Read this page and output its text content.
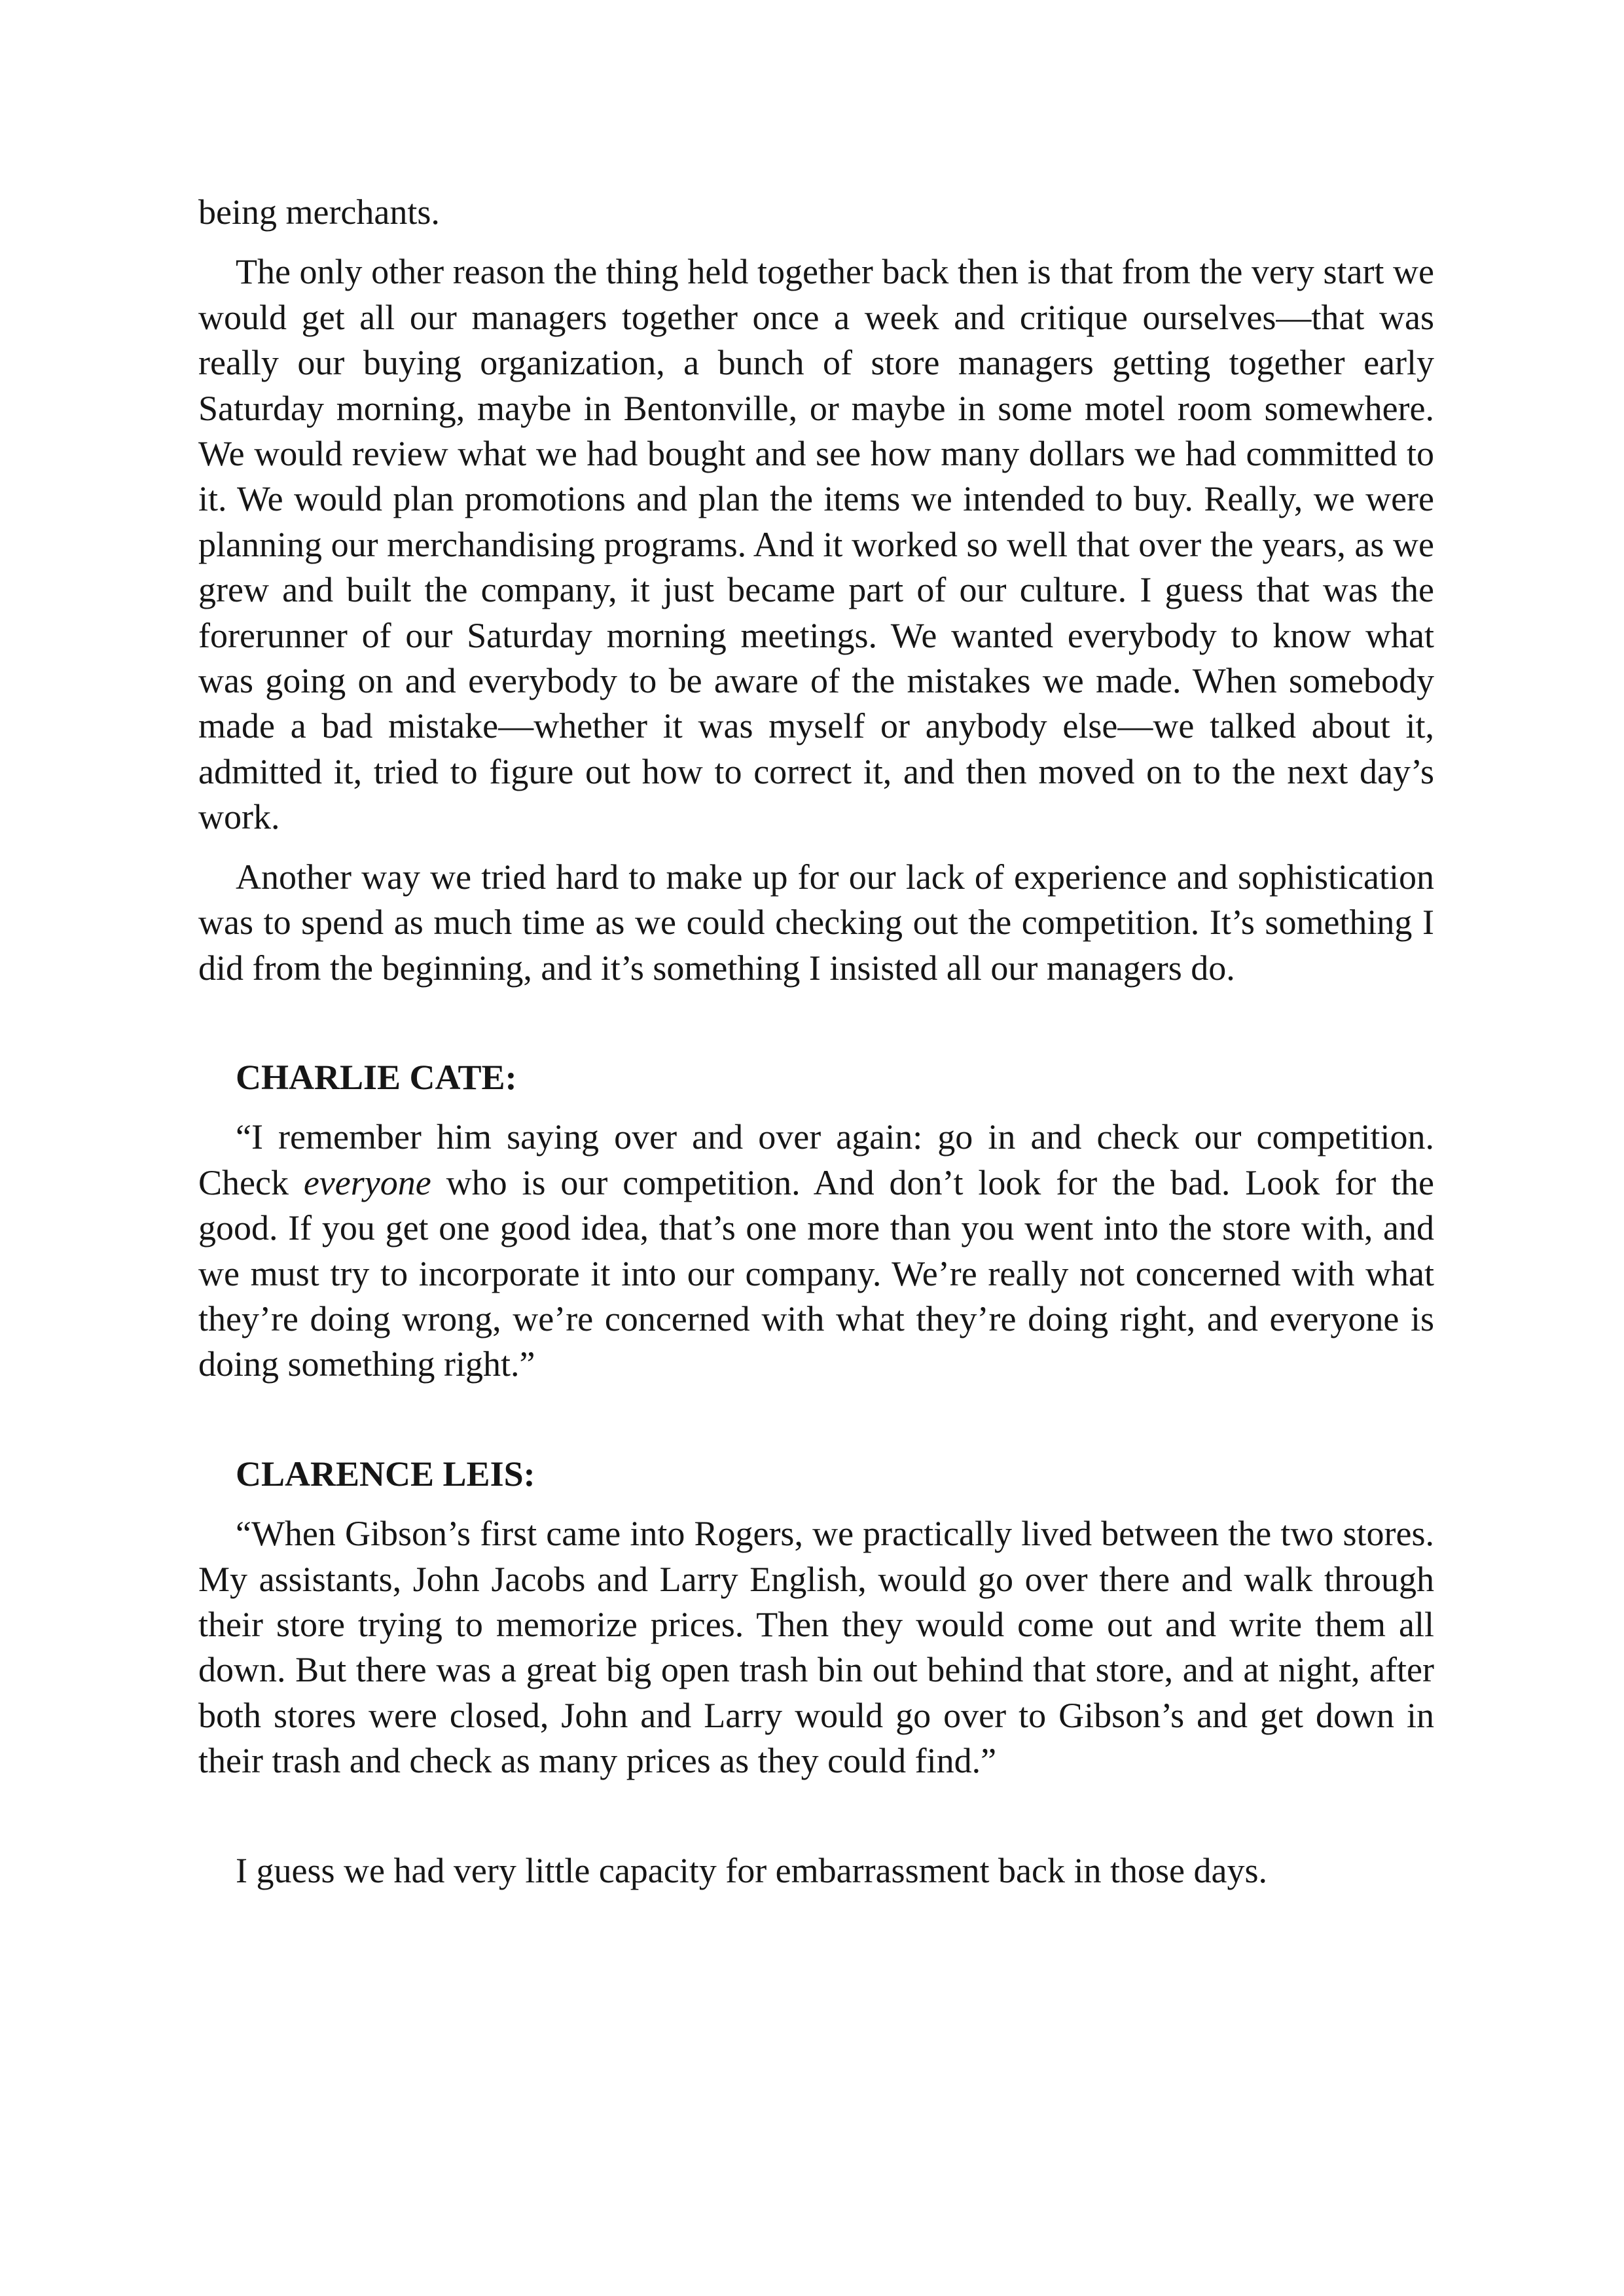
being merchants.

The only other reason the thing held together back then is that from the very start we would get all our managers together once a week and critique ourselves—that was really our buying organization, a bunch of store managers getting together early Saturday morning, maybe in Bentonville, or maybe in some motel room somewhere. We would review what we had bought and see how many dollars we had committed to it. We would plan promotions and plan the items we intended to buy. Really, we were planning our merchandising programs. And it worked so well that over the years, as we grew and built the company, it just became part of our culture. I guess that was the forerunner of our Saturday morning meetings. We wanted everybody to know what was going on and everybody to be aware of the mistakes we made. When somebody made a bad mistake—whether it was myself or anybody else—we talked about it, admitted it, tried to figure out how to correct it, and then moved on to the next day’s work.

Another way we tried hard to make up for our lack of experience and sophistication was to spend as much time as we could checking out the competition. It’s something I did from the beginning, and it’s something I insisted all our managers do.

CHARLIE CATE:

“I remember him saying over and over again: go in and check our competition. Check everyone who is our competition. And don’t look for the bad. Look for the good. If you get one good idea, that’s one more than you went into the store with, and we must try to incorporate it into our company. We’re really not concerned with what they’re doing wrong, we’re concerned with what they’re doing right, and everyone is doing something right.”

CLARENCE LEIS:

“When Gibson’s first came into Rogers, we practically lived between the two stores. My assistants, John Jacobs and Larry English, would go over there and walk through their store trying to memorize prices. Then they would come out and write them all down. But there was a great big open trash bin out behind that store, and at night, after both stores were closed, John and Larry would go over to Gibson’s and get down in their trash and check as many prices as they could find.”

I guess we had very little capacity for embarrassment back in those days.
